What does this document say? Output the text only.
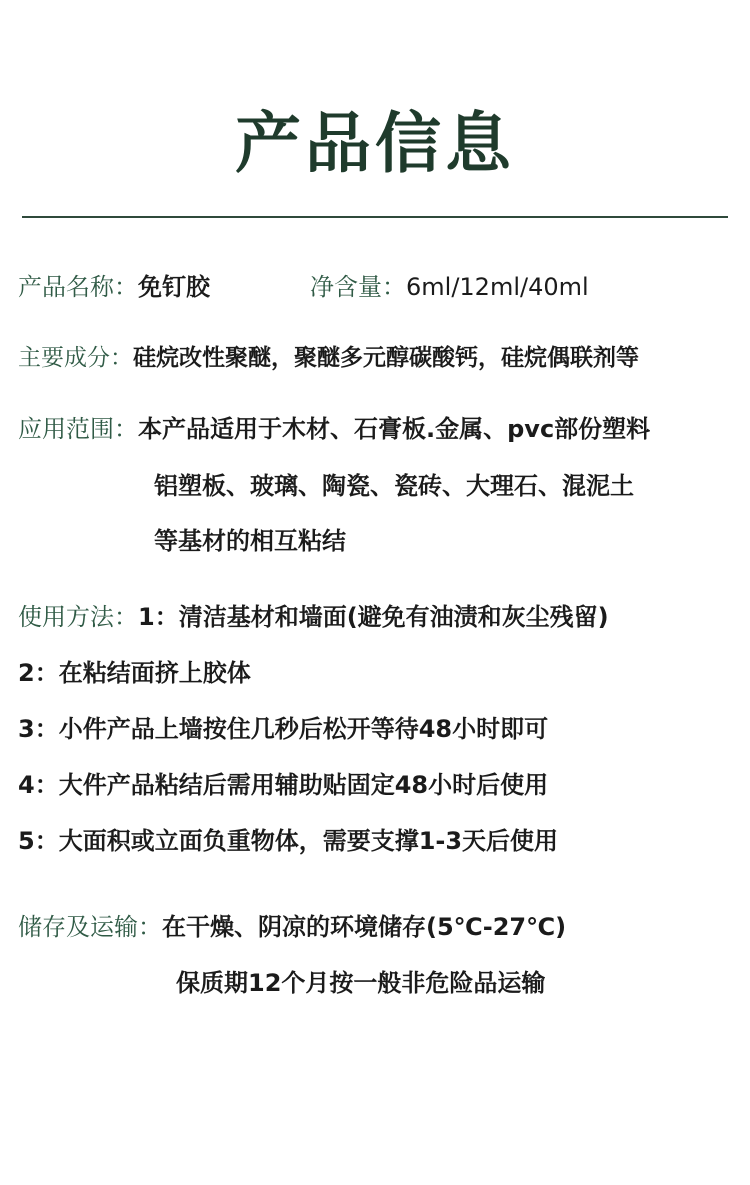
产品信息
产品名称：免钉胶	净含量：6ml/12ml/40ml
主要成分：硅烷改性聚醚，聚醚多元醇碳酸钙，硅烷偶联剂等
应用范围：本产品适用于木材、石膏板.金属、pvc部份塑料
铝塑板、玻璃、陶瓷、瓷砖、大理石、混泥土
等基材的相互粘结
使用方法：1：清洁基材和墙面(避免有油渍和灰尘残留)
2：在粘结面挤上胶体
3：小件产品上墙按住几秒后松开等待48小时即可
4：大件产品粘结后需用辅助贴固定48小时后使用
5：大面积或立面负重物体，需要支撑1-3天后使用
储存及运输：在干燥、阴凉的环境储存(5℃-27℃)
保质期12个月按一般非危险品运输
